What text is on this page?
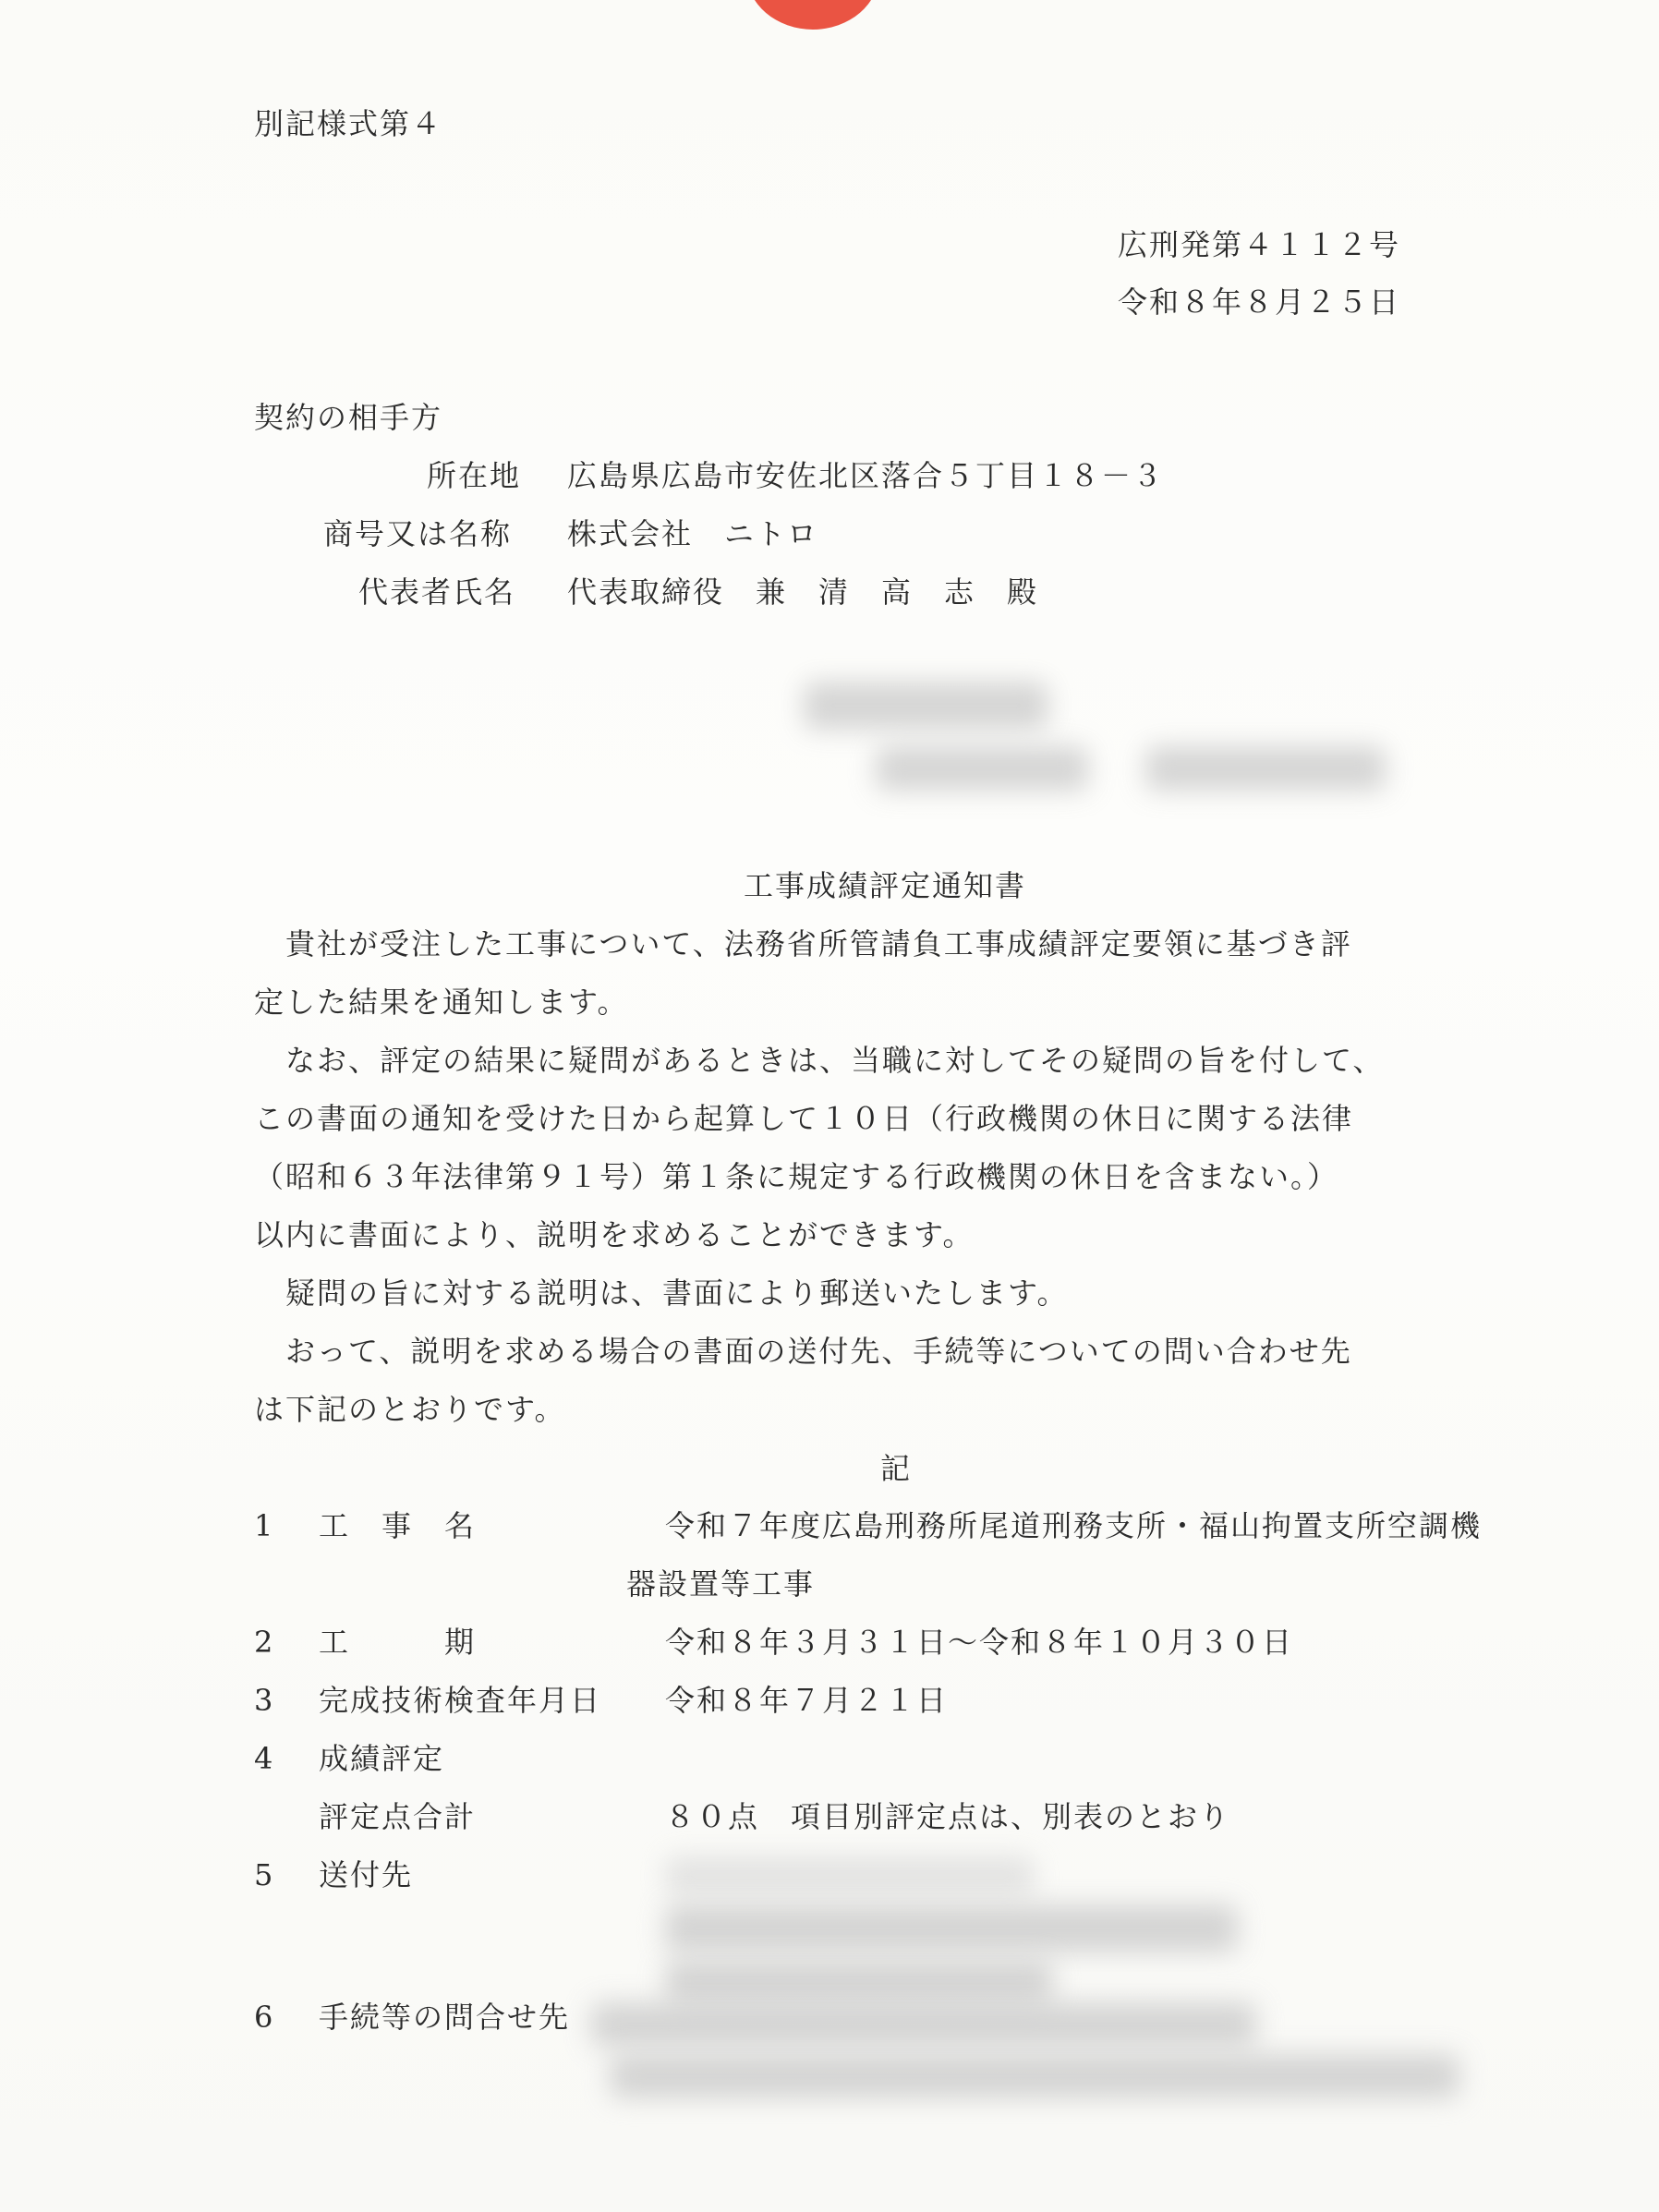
別記様式第４
広刑発第４１１２号
令和８年８月２５日
契約の相手方
所在地 広島県広島市安佐北区落合５丁目１８－３
商号又は名称 株式会社　ニトロ
代表者氏名 代表取締役　兼　清　高　志　殿
工事成績評定通知書
　貴社が受注した工事について、法務省所管請負工事成績評定要領に基づき評
定した結果を通知します。
　なお、評定の結果に疑問があるときは、当職に対してその疑問の旨を付して、
この書面の通知を受けた日から起算して１０日（行政機関の休日に関する法律
（昭和６３年法律第９１号）第１条に規定する行政機関の休日を含まない。）
以内に書面により、説明を求めることができます。
　疑問の旨に対する説明は、書面により郵送いたします。
　おって、説明を求める場合の書面の送付先、手続等についての問い合わせ先
は下記のとおりです。
記
1 工　事　名	令和７年度広島刑務所尾道刑務支所・福山拘置支所空調機
器設置等工事
2 工　　　期	令和８年３月３１日～令和８年１０月３０日
3 完成技術検査年月日 令和８年７月２１日
4 成績評定
評定点合計	８０点　項目別評定点は、別表のとおり
5 送付先
6 手続等の問合せ先
